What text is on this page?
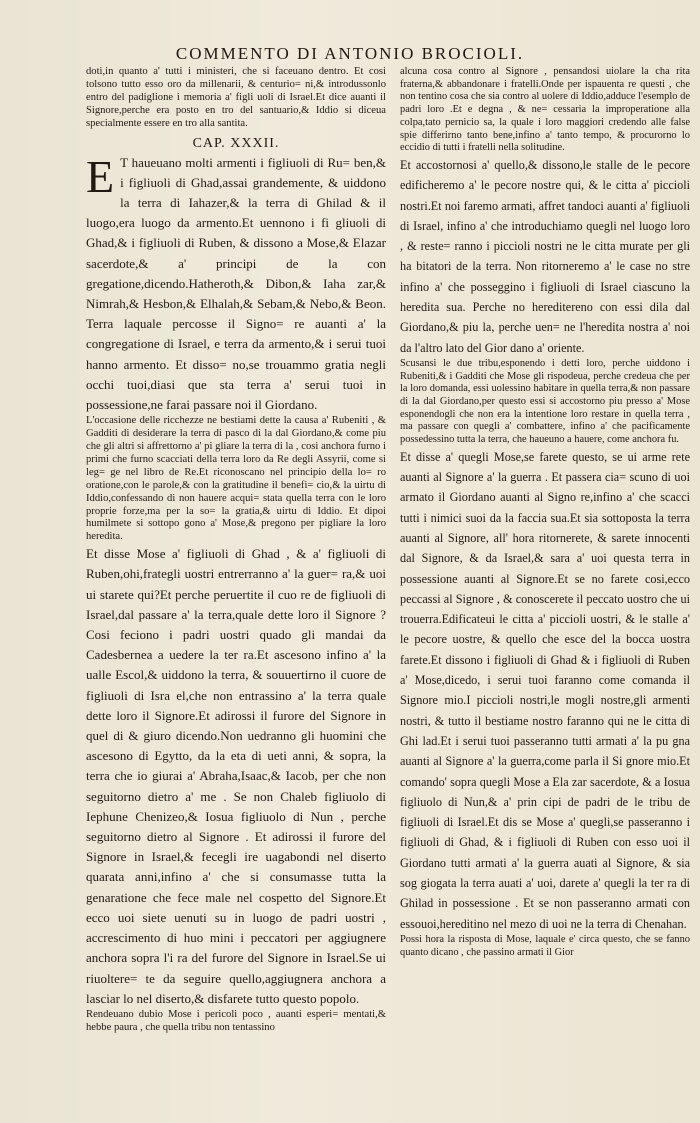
COMMENTO DI ANTONIO BROCIOLI.

doti,in quanto a' tutti i ministeri, che si faceuano dentro. Et cosi tolsono tutto esso oro da millenarii, & centurio= ni,& introdussonlo entro del padiglione i memoria a' figli uoli di Israel.Et dice auanti il Signore,perche era posto en tro del santuario,& Iddio si diceua specialmente essere en tro alla santita.

CAP. XXXII.
E T haueuano molti armenti i figliuoli di Ru= ben,& i figliuoli di Ghad,assai grandemente, & uiddono la terra di Iahazer,& la terra di Ghilad & il luogo,era luogo da armento.Et uennono i fi gliuoli di Ghad,& i figliuoli di Ruben, & dissono a Mose,& Elazar sacerdote,& a' principi de la con gregatione,dicendo.Hatheroth,& Dibon,& Iaha zar,& Nimrah,& Hesbon,& Elhalah,& Sebam,& Nebo,& Beon. Terra laquale percosse il Signo= re auanti a' la congregatione di Israel, e terra da armento,& i serui tuoi hanno armento. Et disso= no,se trouammo gratia negli occhi tuoi,diasi que sta terra a' serui tuoi in possessione,ne farai passare noi il Giordano.

L'occasione delle ricchezze ne bestiami dette la causa a' Rubeniti , & Gadditi di desiderare la terra di pasco di la dal Giordano,& come piu che gli altri si affrettorno a' pi gliare la terra di la , cosi anchora furno i primi che furno scacciati della terra loro da Re degli Assyrii, come si leg= ge nel libro de Re.Et riconoscano nel principio della lo= ro oratione,con le parole,& con la gratitudine il benefi= cio,& la uirtu di Iddio,confessando di non hauere acqui= stata quella terra con le loro proprie forze,ma per la so= la gratia,& uirtu di Iddio. Et dipoi humilmete si sottopo gono a' Mose,& pregono per pigliare la loro heredita.

Et disse Mose a' figliuoli di Ghad , & a' figliuoli di Ruben,ohi,frategli uostri entrerranno a' la guer= ra,& uoi ui starete qui?Et perche peruertite il cuo re de figliuoli di Israel,dal passare a' la terra,quale dette loro il Signore ? Cosi feciono i padri uostri quado gli mandai da Cadesbernea a uedere la ter ra.Et ascesono infino a' la ualle Escol,& uiddono la terra, & souuertirno il cuore de figliuoli di Isra el,che non entrassino a' la terra quale dette loro il Signore.Et adirossi il furore del Signore in quel di & giuro dicendo.Non uedranno gli huomini che ascesono di Egytto, da la eta di ueti anni, & sopra, la terra che io giurai a' Abraha,Isaac,& Iacob, per che non seguitorno dietro a' me . Se non Chaleb figliuolo di Iephune Chenizeo,& Iosua figliuolo di Nun , perche seguitorno dietro al Signore . Et adirossi il furore del Signore in Israel,& fecegli ire uagabondi nel diserto quarata anni,infino a' che si consumasse tutta la genaratione che fece male nel cospetto del Signore.Et ecco uoi siete uenuti su in luogo de padri uostri , accrescimento di huo mini i peccatori per aggiugnere anchora sopra l'i ra del furore del Signore in Israel.Se ui riuoltere= te da seguire quello,aggiugnera anchora a lasciar lo nel diserto,& disfarete tutto questo popolo.

Rendeuano dubio Mose i pericoli poco , auanti esperi= mentati,& hebbe paura , che quella tribu non tentassino

alcuna cosa contro al Signore , pensandosi uiolare la cha rita fraterna,& abbandonare i fratelli.Onde per ispauenta re questi , che non tentino cosa che sia contro al uolere di Iddio,adduce l'esemplo de padri loro .Et e degna , & ne= cessaria la improperatione alla colpa,tato pernicio sa, la quale i loro maggiori credendo alle false spie differirno tanto bene,infino a' tanto tempo, & procurorno lo eccidio di tutti i fratelli nella solitudine.

Et accostornosi a' quello,& dissono,le stalle de le pecore edificheremo a' le pecore nostre qui, & le citta a' piccioli nostri.Et noi faremo armati, affret tandoci auanti a' figliuoli di Israel, infino a' che introduchiamo quegli nel luogo loro , & reste= ranno i piccioli nostri ne le citta murate per gli ha bitatori de la terra. Non ritorneremo a' le case no stre infino a' che posseggino i figliuoli di Israel ciascuno la heredita sua. Perche no hereditereno con essi dila dal Giordano,& piu la, perche uen= ne l'heredita nostra a' noi da l'altro lato del Gior dano a' oriente.

Scusansi le due tribu,esponendo i detti loro, perche uiddono i Rubeniti,& i Gadditi che Mose gli rispodeua, perche credeua che per la loro domanda, essi uolessino habitare in quella terra,& non passare di la dal Giordano,per questo essi si accostorno piu presso a' Mose esponendogli che non era la intentione loro restare in quella terra , ma passare con quegli a' combattere, infino a' che pacificamente possedessino tutta la terra, che haueuno a hauere, come anchora fu.

Et disse a' quegli Mose,se farete questo, se ui arme rete auanti al Signore a' la guerra . Et passera cia= scuno di uoi armato il Giordano auanti al Signo re,infino a' che scacci tutti i nimici suoi da la faccia sua.Et sia sottoposta la terra auanti al Signore, all' hora ritornerete, & sarete innocenti dal Signore, & da Israel,& sara a' uoi questa terra in possessione auanti al Signore.Et se no farete cosi,ecco peccassi al Signore , & conoscerete il peccato uostro che ui trouerra.Edificateui le citta a' piccioli uostri, & le stalle a' le pecore uostre, & quello che esce del la bocca uostra farete.Et dissono i figliuoli di Ghad & i figliuoli di Ruben a' Mose,dicedo, i serui tuoi faranno come comanda il Signore mio.I piccioli nostri,le mogli nostre,gli armenti nostri, & tutto il bestiame nostro faranno qui ne le citta di Ghi lad.Et i serui tuoi passeranno tutti armati a' la pu gna auanti al Signore a' la guerra,come parla il Si gnore mio.Et comando' sopra quegli Mose a Ela zar sacerdote, & a Iosua figliuolo di Nun,& a' prin cipi de padri de le tribu de figliuoli di Israel.Et dis se Mose a' quegli,se passeranno i figliuoli di Ghad, & i figliuoli di Ruben con esso uoi il Giordano tutti armati a' la guerra auati al Signore, & sia sog giogata la terra auati a' uoi, darete a' quegli la ter ra di Ghilad in possessione . Et se non passeranno armati con essouoi,hereditino nel mezo di uoi ne la terra di Chenahan.

Possi hora la risposta di Mose, laquale e' circa questo, che se fanno quanto dicano , che passino armati il Gior
